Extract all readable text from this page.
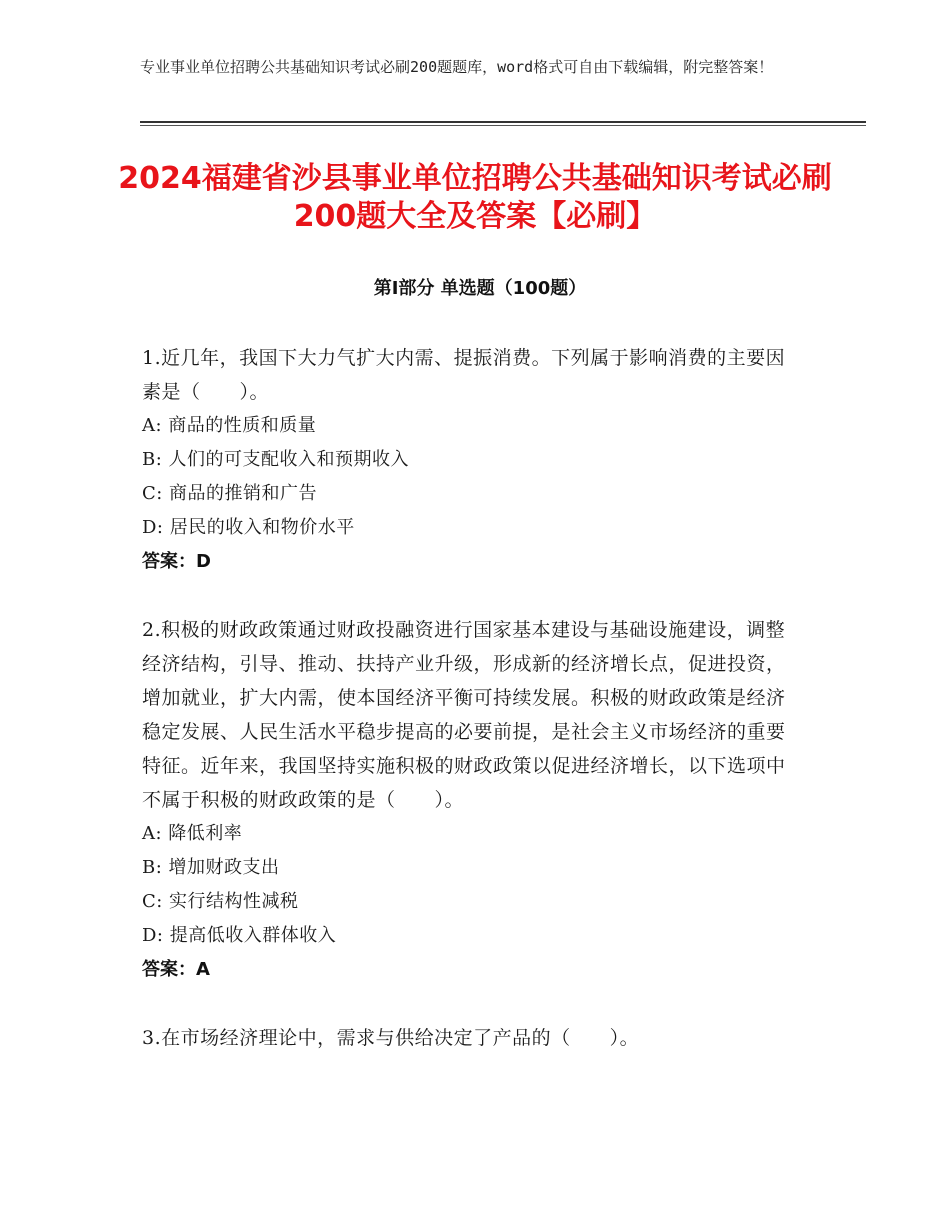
专业事业单位招聘公共基础知识考试必刷200题题库，word格式可自由下载编辑，附完整答案！
2024福建省沙县事业单位招聘公共基础知识考试必刷200题大全及答案【必刷】
第Ⅰ部分 单选题（100题）

1.近几年，我国下大力气扩大内需、提振消费。下列属于影响消费的主要因素是（　　）。

A: 商品的性质和质量

B: 人们的可支配收入和预期收入

C: 商品的推销和广告

D: 居民的收入和物价水平

答案：D

2.积极的财政政策通过财政投融资进行国家基本建设与基础设施建设，调整经济结构，引导、推动、扶持产业升级，形成新的经济增长点，促进投资，增加就业，扩大内需，使本国经济平衡可持续发展。积极的财政政策是经济稳定发展、人民生活水平稳步提高的必要前提，是社会主义市场经济的重要特征。近年来，我国坚持实施积极的财政政策以促进经济增长，以下选项中不属于积极的财政政策的是（　　）。

A: 降低利率

B: 增加财政支出

C: 实行结构性减税

D: 提高低收入群体收入

答案：A

3.在市场经济理论中，需求与供给决定了产品的（　　）。
